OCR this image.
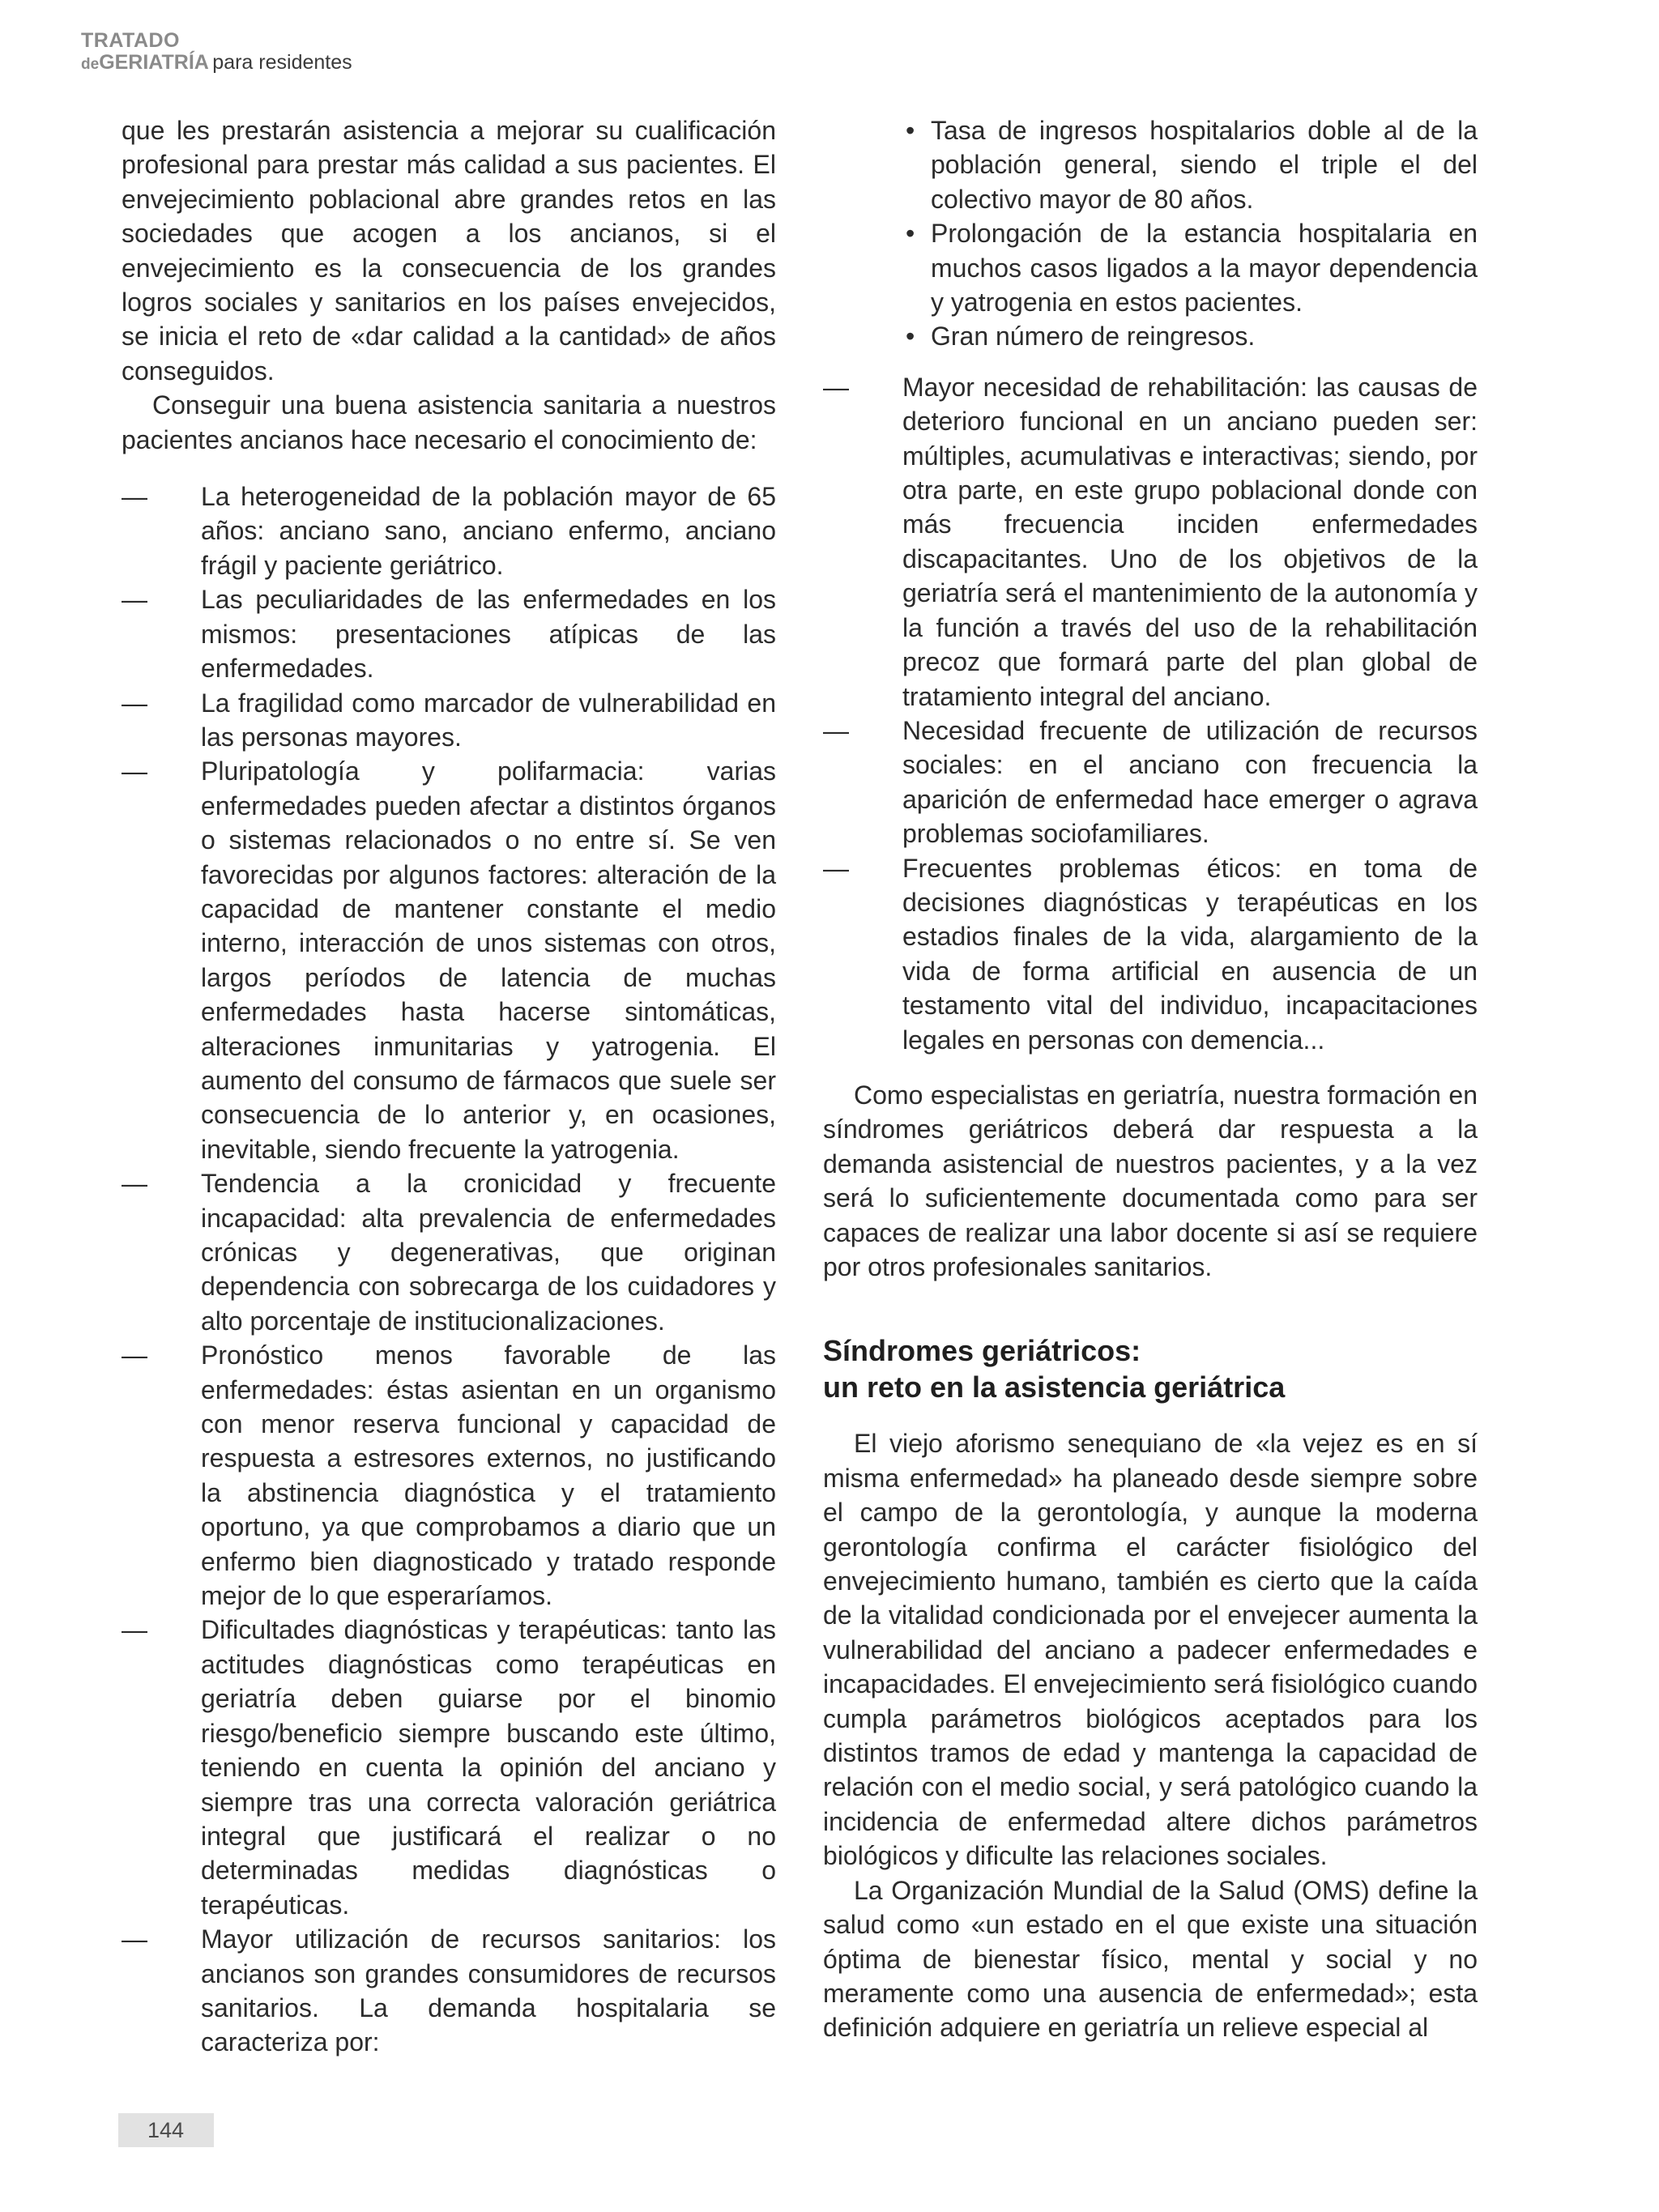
TRATADO
deGERIATRÍA para residentes

que les prestarán asistencia a mejorar su cualificación profesional para prestar más calidad a sus pacientes. El envejecimiento poblacional abre grandes retos en las sociedades que acogen a los ancianos, si el envejecimiento es la consecuencia de los grandes logros sociales y sanitarios en los países envejecidos, se inicia el reto de «dar calidad a la cantidad» de años conseguidos.

Conseguir una buena asistencia sanitaria a nuestros pacientes ancianos hace necesario el conocimiento de:

— La heterogeneidad de la población mayor de 65 años: anciano sano, anciano enfermo, anciano frágil y paciente geriátrico.
— Las peculiaridades de las enfermedades en los mismos: presentaciones atípicas de las enfermedades.
— La fragilidad como marcador de vulnerabilidad en las personas mayores.
— Pluripatología y polifarmacia: varias enfermedades pueden afectar a distintos órganos o sistemas relacionados o no entre sí. Se ven favorecidas por algunos factores: alteración de la capacidad de mantener constante el medio interno, interacción de unos sistemas con otros, largos períodos de latencia de muchas enfermedades hasta hacerse sintomáticas, alteraciones inmunitarias y yatrogenia. El aumento del consumo de fármacos que suele ser consecuencia de lo anterior y, en ocasiones, inevitable, siendo frecuente la yatrogenia.
— Tendencia a la cronicidad y frecuente incapacidad: alta prevalencia de enfermedades crónicas y degenerativas, que originan dependencia con sobrecarga de los cuidadores y alto porcentaje de institucionalizaciones.
— Pronóstico menos favorable de las enfermedades: éstas asientan en un organismo con menor reserva funcional y capacidad de respuesta a estresores externos, no justificando la abstinencia diagnóstica y el tratamiento oportuno, ya que comprobamos a diario que un enfermo bien diagnosticado y tratado responde mejor de lo que esperaríamos.
— Dificultades diagnósticas y terapéuticas: tanto las actitudes diagnósticas como terapéuticas en geriatría deben guiarse por el binomio riesgo/beneficio siempre buscando este último, teniendo en cuenta la opinión del anciano y siempre tras una correcta valoración geriátrica integral que justificará el realizar o no determinadas medidas diagnósticas o terapéuticas.
— Mayor utilización de recursos sanitarios: los ancianos son grandes consumidores de recursos sanitarios. La demanda hospitalaria se caracteriza por:
• Tasa de ingresos hospitalarios doble al de la población general, siendo el triple el del colectivo mayor de 80 años.
• Prolongación de la estancia hospitalaria en muchos casos ligados a la mayor dependencia y yatrogenia en estos pacientes.
• Gran número de reingresos.
— Mayor necesidad de rehabilitación: las causas de deterioro funcional en un anciano pueden ser: múltiples, acumulativas e interactivas; siendo, por otra parte, en este grupo poblacional donde con más frecuencia inciden enfermedades discapacitantes. Uno de los objetivos de la geriatría será el mantenimiento de la autonomía y la función a través del uso de la rehabilitación precoz que formará parte del plan global de tratamiento integral del anciano.
— Necesidad frecuente de utilización de recursos sociales: en el anciano con frecuencia la aparición de enfermedad hace emerger o agrava problemas sociofamiliares.
— Frecuentes problemas éticos: en toma de decisiones diagnósticas y terapéuticas en los estadios finales de la vida, alargamiento de la vida de forma artificial en ausencia de un testamento vital del individuo, incapacitaciones legales en personas con demencia...

Como especialistas en geriatría, nuestra formación en síndromes geriátricos deberá dar respuesta a la demanda asistencial de nuestros pacientes, y a la vez será lo suficientemente documentada como para ser capaces de realizar una labor docente si así se requiere por otros profesionales sanitarios.

Síndromes geriátricos:
un reto en la asistencia geriátrica

El viejo aforismo senequiano de «la vejez es en sí misma enfermedad» ha planeado desde siempre sobre el campo de la gerontología, y aunque la moderna gerontología confirma el carácter fisiológico del envejecimiento humano, también es cierto que la caída de la vitalidad condicionada por el envejecer aumenta la vulnerabilidad del anciano a padecer enfermedades e incapacidades. El envejecimiento será fisiológico cuando cumpla parámetros biológicos aceptados para los distintos tramos de edad y mantenga la capacidad de relación con el medio social, y será patológico cuando la incidencia de enfermedad altere dichos parámetros biológicos y dificulte las relaciones sociales.

La Organización Mundial de la Salud (OMS) define la salud como «un estado en el que existe una situación óptima de bienestar físico, mental y social y no meramente como una ausencia de enfermedad»; esta definición adquiere en geriatría un relieve especial al

144
